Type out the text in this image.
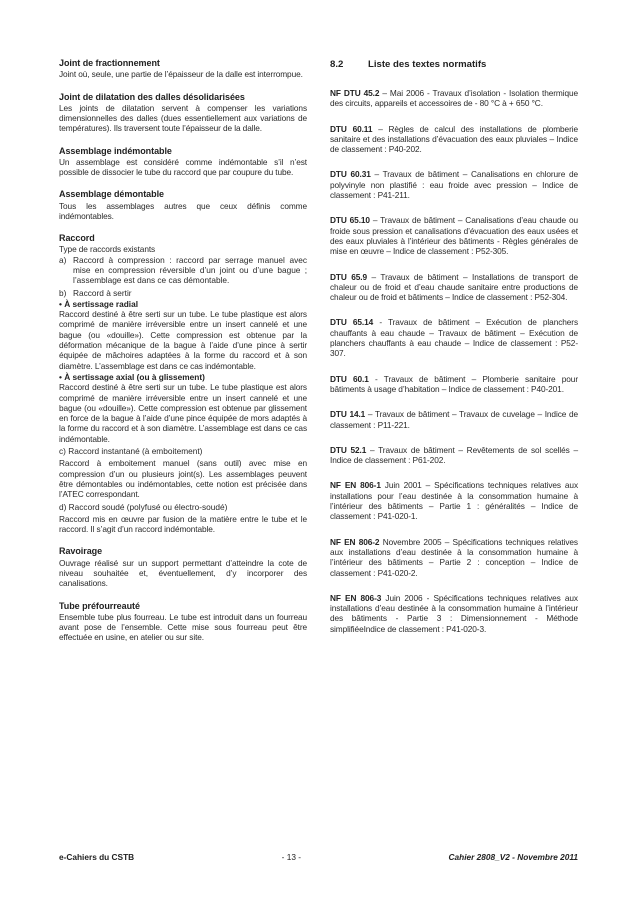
Joint de fractionnement

Joint où, seule, une partie de l’épaisseur de la dalle est interrompue.

Joint de dilatation des dalles désolidarisées

Les joints de dilatation servent à compenser les variations dimensionnelles des dalles (dues essentiellement aux variations de températures). Ils traversent toute l’épaisseur de la dalle.

Assemblage indémontable

Un assemblage est considéré comme indémontable s’il n’est possible de dissocier le tube du raccord que par coupure du tube.

Assemblage démontable

Tous les assemblages autres que ceux définis comme indémontables.

Raccord

Type de raccords existants

a) Raccord à compression : raccord par serrage manuel avec mise en compression réversible d’un joint ou d’une bague ; l’assemblage est dans ce cas démontable.
b) Raccord à sertir

• À sertissage radial

Raccord destiné à être serti sur un tube. Le tube plastique est alors comprimé de manière irréversible entre un insert cannelé et une bague (ou «douille»). Cette compression est obtenue par la déformation mécanique de la bague à l’aide d’une pince à sertir équipée de mâchoires adaptées à la forme du raccord et à son diamètre. L’assemblage est dans ce cas indémontable.

• À sertissage axial (ou à glissement)

Raccord destiné à être serti sur un tube. Le tube plastique est alors comprimé de manière irréversible entre un insert cannelé et une bague (ou «douille»). Cette compression est obtenue par glissement en force de la bague à l’aide d’une pince équipée de mors adaptés à la forme du raccord et à son diamètre. L’assemblage est dans ce cas indémontable.

c) Raccord instantané (à emboitement)

Raccord à emboitement manuel (sans outil) avec mise en compression d’un ou plusieurs joint(s). Les assemblages peuvent être démontables ou indémontables, cette notion est précisée dans l’ATEC correspondant.

d) Raccord soudé (polyfusé ou électro-soudé)

Raccord mis en œuvre par fusion de la matière entre le tube et le raccord. Il s’agit d’un raccord indémontable.

Ravoirage

Ouvrage réalisé sur un support permettant d’atteindre la cote de niveau souhaitée et, éventuellement, d’y incorporer des canalisations.

Tube préfourreauté

Ensemble tube plus fourreau. Le tube est introduit dans un fourreau avant pose de l’ensemble. Cette mise sous fourreau peut être effectuée en usine, en atelier ou sur site.

8.2	Liste des textes normatifs

NF DTU 45.2 – Mai 2006 - Travaux d’isolation - Isolation thermique des circuits, appareils et accessoires de - 80 °C à + 650 °C.

DTU 60.11 – Règles de calcul des installations de plomberie sanitaire et des installations d’évacuation des eaux pluviales – Indice de classement : P40-202.

DTU 60.31 – Travaux de bâtiment – Canalisations en chlorure de polyvinyle non plastifié : eau froide avec pression – Indice de classement : P41-211.

DTU 65.10 – Travaux de bâtiment – Canalisations d’eau chaude ou froide sous pression et canalisations d’évacuation des eaux usées et des eaux pluviales à l’intérieur des bâtiments - Règles générales de mise en œuvre – Indice de classement : P52-305.

DTU 65.9 – Travaux de bâtiment – Installations de transport de chaleur ou de froid et d’eau chaude sanitaire entre productions de chaleur ou de froid et bâtiments – Indice de classement : P52-304.

DTU 65.14 - Travaux de bâtiment – Exécution de planchers chauffants à eau chaude – Travaux de bâtiment – Exécution de planchers chauffants à eau chaude – Indice de classement : P52-307.

DTU 60.1 - Travaux de bâtiment – Plomberie sanitaire pour bâtiments à usage d’habitation – Indice de classement : P40-201.

DTU 14.1 – Travaux de bâtiment – Travaux de cuvelage – Indice de classement : P11-221.

DTU 52.1 – Travaux de bâtiment – Revêtements de sol scellés – Indice de classement : P61-202.

NF EN 806-1 Juin 2001 – Spécifications techniques relatives aux installations pour l’eau destinée à la consommation humaine à l’intérieur des bâtiments – Partie 1 : généralités – Indice de classement : P41-020-1.

NF EN 806-2 Novembre 2005 – Spécifications techniques relatives aux installations d’eau destinée à la consommation humaine à l’intérieur des bâtiments – Partie 2 : conception – Indice de classement : P41-020-2.

NF EN 806-3 Juin 2006 - Spécifications techniques relatives aux installations d’eau destinée à la consommation humaine à l’intérieur des bâtiments - Partie 3 : Dimensionnement - Méthode simplifiéeIndice de classement : P41-020-3.

e-Cahiers du CSTB	- 13 -	Cahier 2808_V2 - Novembre 2011
